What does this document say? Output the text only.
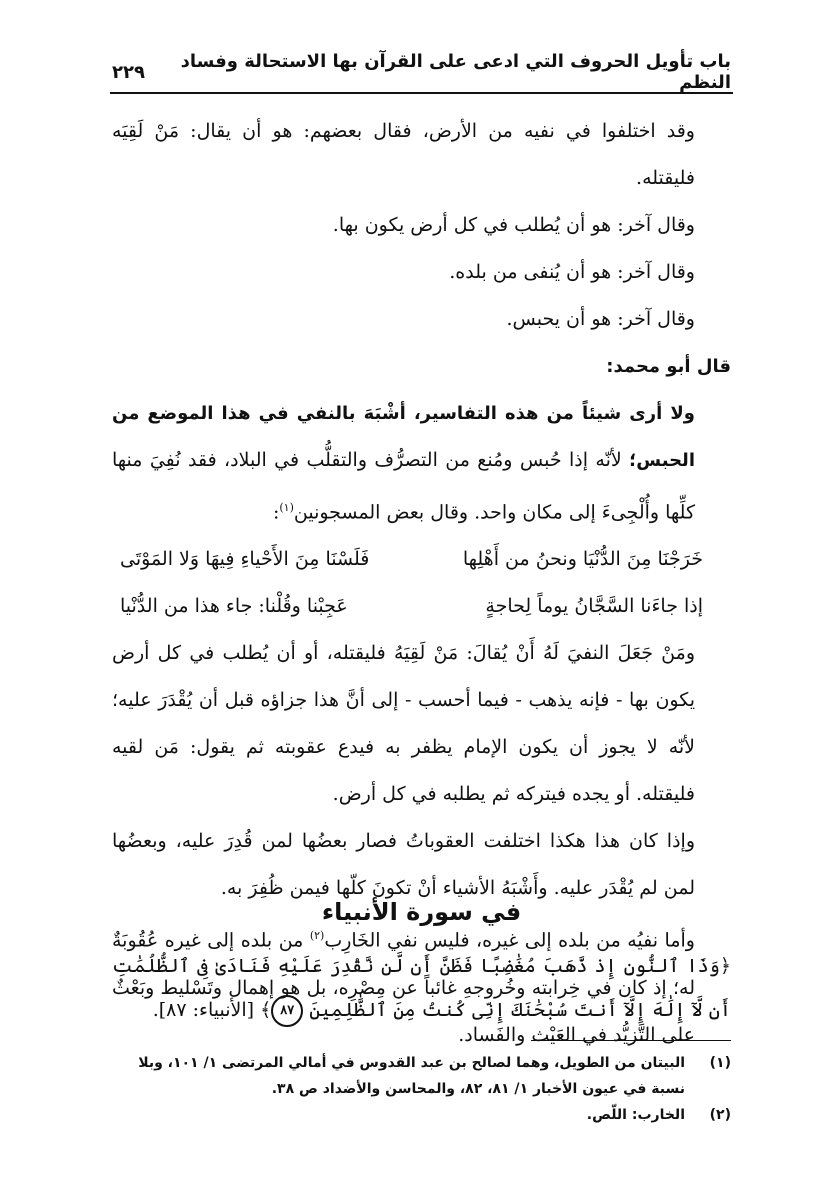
باب تأويل الحروف التي ادعى على القرآن بها الاستحالة وفساد النظم
٢٢٩

وقد اختلفوا في نفيه من الأرض، فقال بعضهم: هو أن يقال: مَنْ لَقِيَه فليقتله.

وقال آخر: هو أن يُطلب في كل أرض يكون بها.

وقال آخر: هو أن يُنفى من بلده.

وقال آخر: هو أن يحبس.

قال أبو محمد:

ولا أرى شيئاً من هذه التفاسير، أشْبَهَ بالنفي في هذا الموضع من الحبس؛ لأنّه إذا حُبس ومُنع من التصرُّف والتقلُّب في البلاد، فقد نُفِيَ منها كلِّها وأُلْجِىءَ إلى مكان واحد. وقال بعض المسجونين$^{(١)}$:

خَرَجْنَا مِنَ الدُّنْيَا ونحنُ من أَهْلِها
فَلَسْنَا مِنَ الأَحْياءِ فِيهَا وَلا المَوْتَى
إذا جاءَنا السَّجَّانُ يوماً لِحاجةٍ
عَجِبْنا وقُلْنا: جاء هذا من الدُّنْيا

ومَنْ جَعَلَ النفيَ لَهُ أَنْ يُقالَ: مَنْ لَقِيَهُ فليقتله، أو أن يُطلب في كل أرض يكون بها - فإنه يذهب - فيما أحسب - إلى أنَّ هذا جزاؤه قبل أن يُقْدَرَ عليه؛ لأنّه لا يجوز أن يكون الإمام يظفر به فيدع عقوبته ثم يقول: مَن لقيه فليقتله. أو يجده فيتركه ثم يطلبه في كل أرض.

وإذا كان هذا هكذا اختلفت العقوباتُ فصار بعضُها لمن قُدِرَ عليه، وبعضُها لمن لم يُقْدَر عليه. وأَشْبَهُ الأشياء أنْ تكونَ كلّها فيمن ظُفِرَ به.

وأما نفيُه من بلده إلى غيره، فليس نفي الخَارِب$^{(٢)}$ من بلده إلى غيره عُقُوبَةٌ له؛ إذ كان في خِرابته وخُروجهِ غائباً عن مِصْرِه، بل هو إهمال وتَسْليط وبَعْثٌ على التَّزيُّد في العَيْث والفَساد.

في سورة الأنبياء
﴿وَذَا ٱلنُّونِ إِذ ذَّهَبَ مُغَٰضِبًا فَظَنَّ أَن لَّن نَّقْدِرَ عَلَيْهِ فَنَادَىٰ فِى ٱلظُّلُمَٰتِ أَن لَّآ إِلَٰهَ إِلَّآ أَنتَ سُبْحَٰنَكَ إِنِّى كُنتُ مِنَ ٱلظَّٰلِمِينَ ٨٧﴾ [الأنبياء: ٨٧].
(١)
البيتان من الطويل، وهما لصالح بن عبد القدوس في أمالي المرتضى ١/ ١٠١، وبلا نسبة في عيون الأخبار ١/ ٨١، ٨٢، والمحاسن والأضداد ص ٣٨.
(٢)
الخارب: اللّص.
